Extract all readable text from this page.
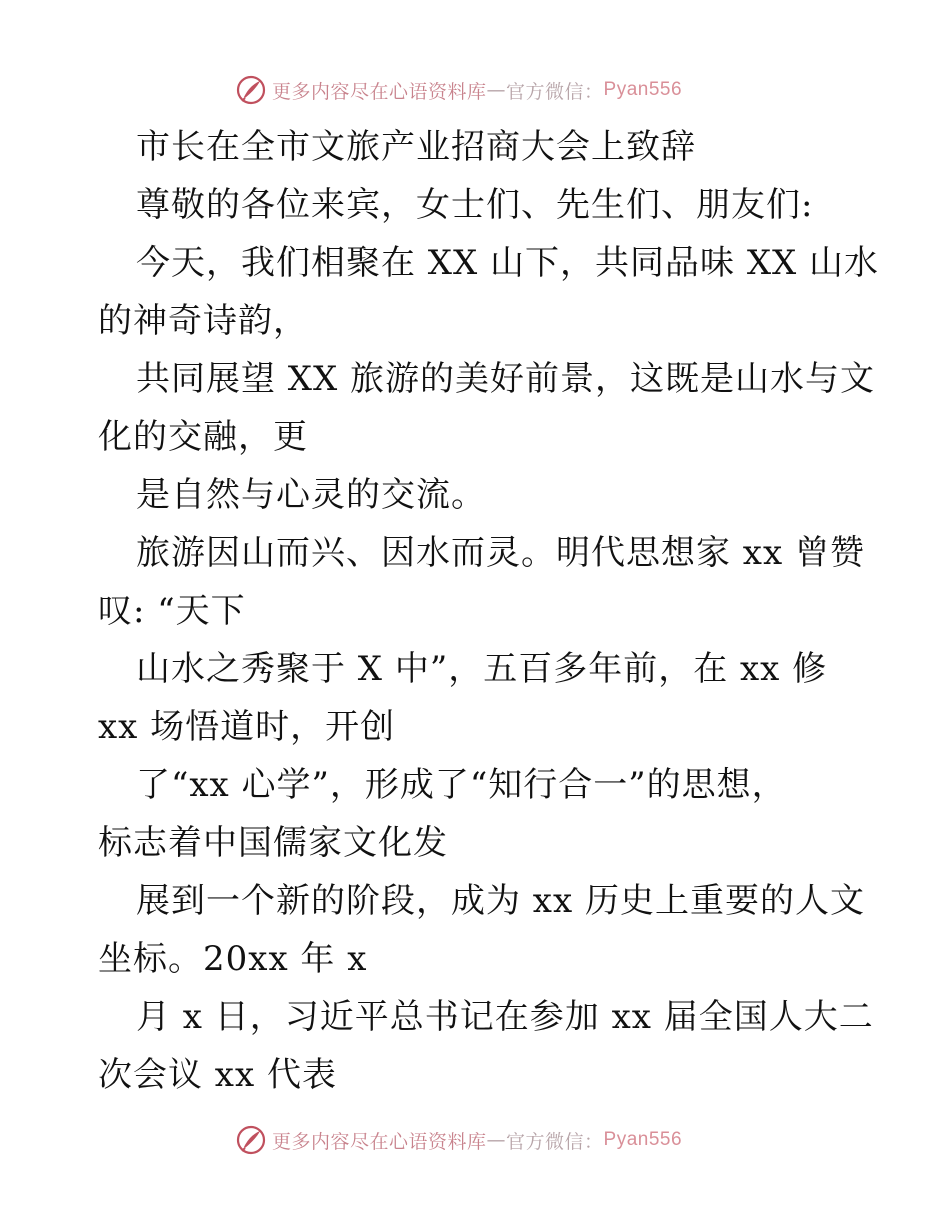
更多内容尽在心语资料库 — 官方微信： Pyan556
市长在全市文旅产业招商大会上致辞
尊敬的各位来宾，女士们、先生们、朋友们:
今天，我们相聚在 XX 山下，共同品味 XX 山水
的神奇诗韵，
共同展望 XX 旅游的美好前景，这既是山水与文
化的交融，更
是自然与心灵的交流。
旅游因山而兴、因水而灵。明代思想家 xx 曾赞
叹: “天下
山水之秀聚于 X 中”，五百多年前，在 xx 修
xx 场悟道时，开创
了“xx 心学”，形成了“知行合一”的思想，
标志着中国儒家文化发
展到一个新的阶段，成为 xx 历史上重要的人文
坐标。20xx 年 x
月 x 日，习近平总书记在参加 xx 届全国人大二
次会议 xx 代表
更多内容尽在心语资料库 — 官方微信： Pyan556
